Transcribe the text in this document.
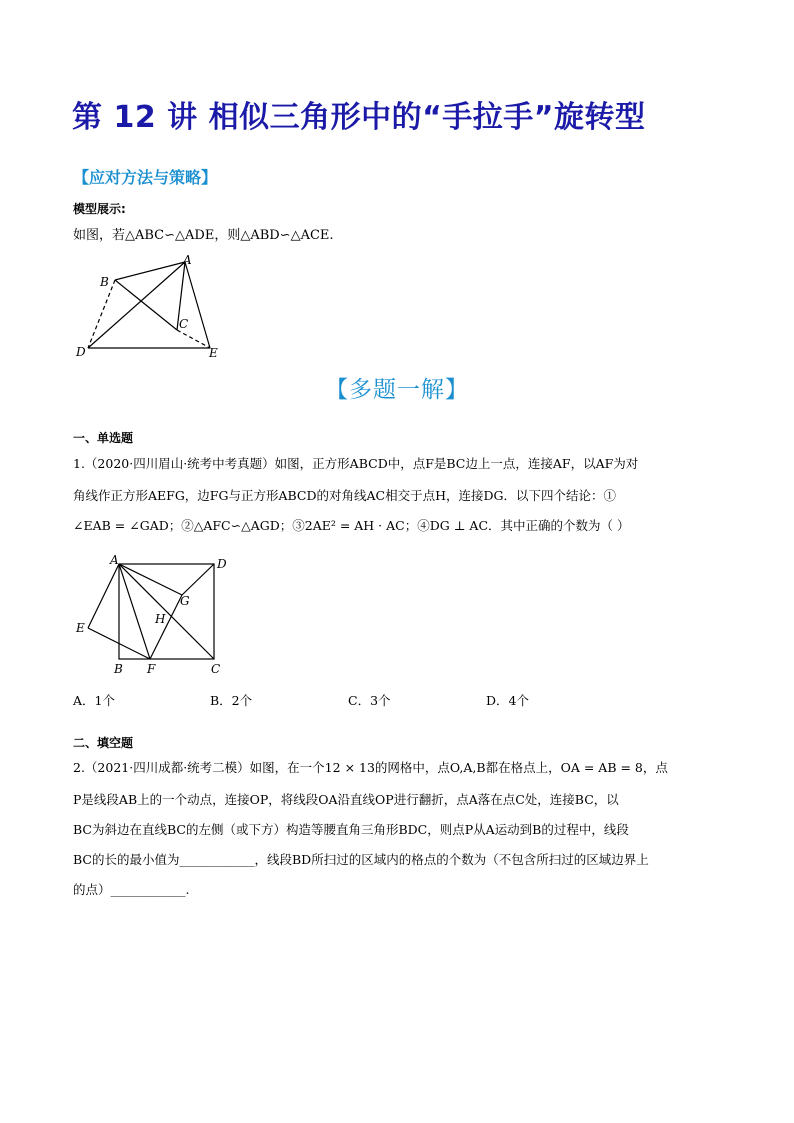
第 12 讲 相似三角形中的“手拉手”旋转型
【应对方法与策略】
模型展示:
如图，若△ABC∽△ADE，则△ABD∽△ACE.
A
B
C
D	E
【多题一解】
一、单选题
1.（2020·四川眉山·统考中考真题）如图，正方形ABCD中，点F是BC边上一点，连接AF，以AF为对
角线作正方形AEFG，边FG与正方形ABCD的对角线AC相交于点H，连接DG．以下四个结论：①
∠EAB = ∠GAD；②△AFC∽△AGD；③2AE² = AH · AC；④DG ⊥ AC．其中正确的个数为（ ）
A	D
G
H
E
B F	C
A．1个	B．2个	C．3个	D．4个
二、填空题
2.（2021·四川成都·统考二模）如图，在一个12 × 13的网格中，点O,A,B都在格点上，OA = AB = 8，点
P是线段AB上的一个动点，连接OP，将线段OA沿直线OP进行翻折，点A落在点C处，连接BC，以
BC为斜边在直线BC的左侧（或下方）构造等腰直角三角形BDC，则点P从A运动到B的过程中，线段
BC的长的最小值为____________，线段BD所扫过的区域内的格点的个数为（不包含所扫过的区域边界上
的点）____________.
